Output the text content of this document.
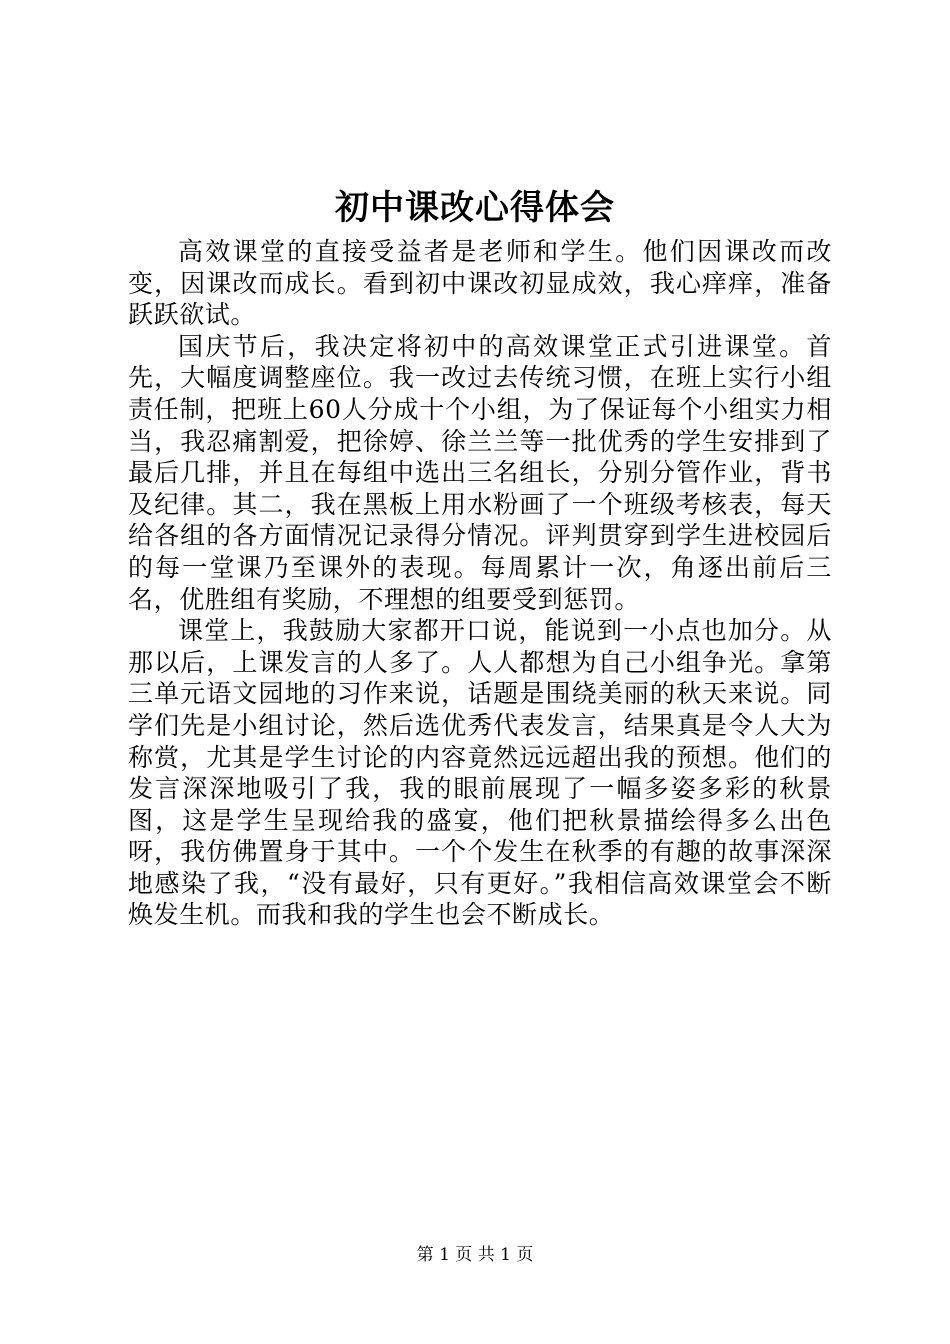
初中课改心得体会

高效课堂的直接受益者是老师和学生。他们因课改而改变，因课改而成长。看到初中课改初显成效，我心痒痒，准备跃跃欲试。

国庆节后，我决定将初中的高效课堂正式引进课堂。首先，大幅度调整座位。我一改过去传统习惯，在班上实行小组责任制，把班上60人分成十个小组，为了保证每个小组实力相当，我忍痛割爱，把徐婷、徐兰兰等一批优秀的学生安排到了最后几排，并且在每组中选出三名组长，分别分管作业，背书及纪律。其二，我在黑板上用水粉画了一个班级考核表，每天给各组的各方面情况记录得分情况。评判贯穿到学生进校园后的每一堂课乃至课外的表现。每周累计一次，角逐出前后三名，优胜组有奖励，不理想的组要受到惩罚。

课堂上，我鼓励大家都开口说，能说到一小点也加分。从那以后，上课发言的人多了。人人都想为自己小组争光。拿第三单元语文园地的习作来说，话题是围绕美丽的秋天来说。同学们先是小组讨论，然后选优秀代表发言，结果真是令人大为称赏，尤其是学生讨论的内容竟然远远超出我的预想。他们的发言深深地吸引了我，我的眼前展现了一幅多姿多彩的秋景图，这是学生呈现给我的盛宴，他们把秋景描绘得多么出色呀，我仿佛置身于其中。一个个发生在秋季的有趣的故事深深地感染了我，“没有最好，只有更好。”我相信高效课堂会不断焕发生机。而我和我的学生也会不断成长。

第 1 页 共 1 页
